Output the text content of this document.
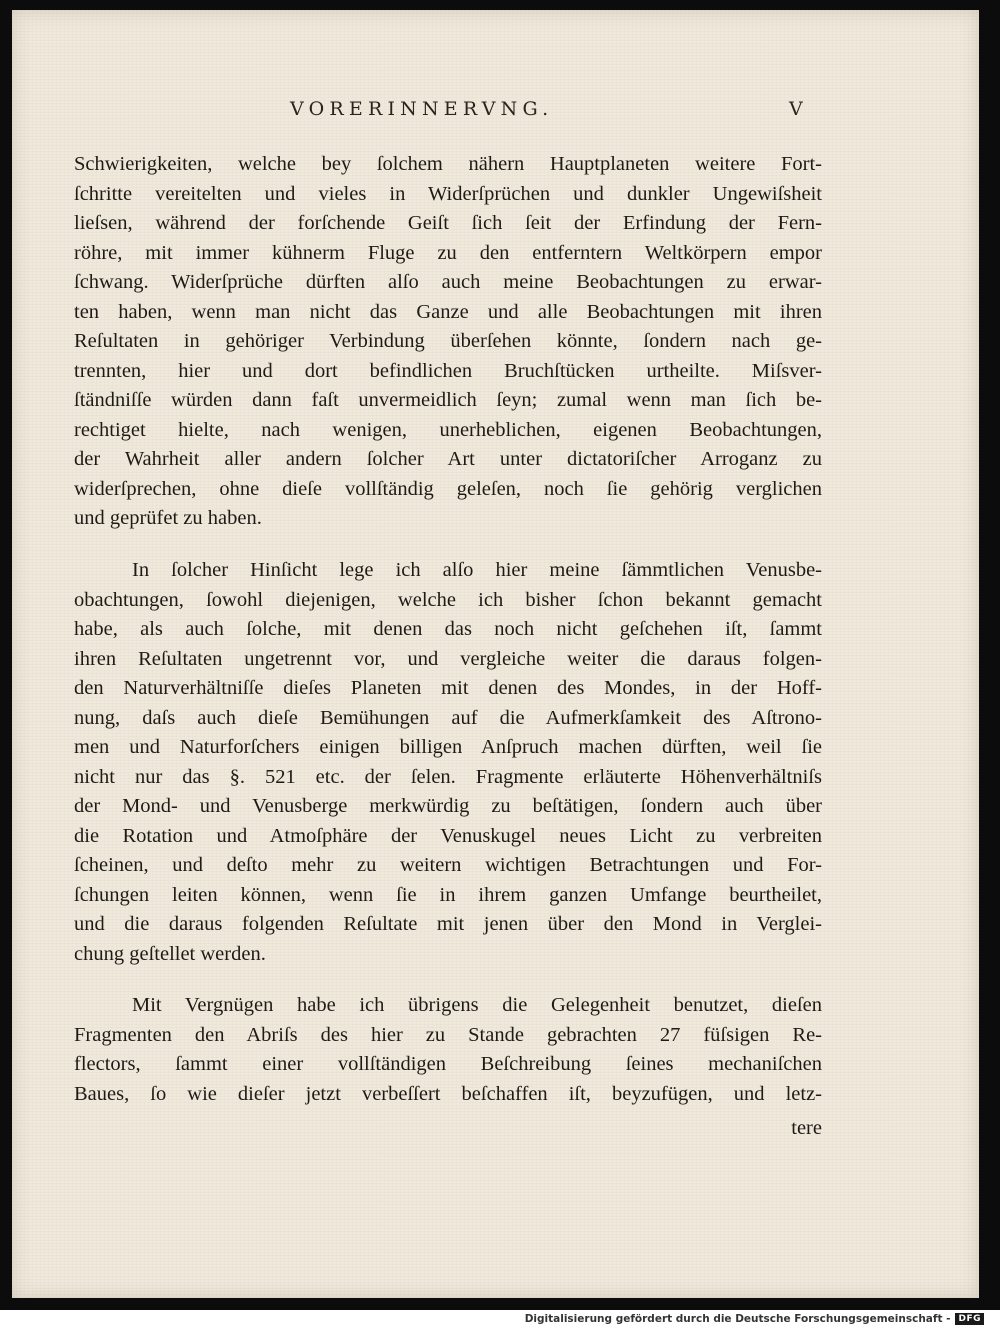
VORERINNERVNG.	V
Schwierigkeiten, welche bey ſolchem nähern Hauptplaneten weitere Fort-
ſchritte vereitelten und vieles in Widerſprüchen und dunkler Ungewiſsheit
lieſsen, während der forſchende Geiſt ſich ſeit der Erfindung der Fern-
röhre, mit immer kühnerm Fluge zu den entferntern Weltkörpern empor
ſchwang. Widerſprüche dürften alſo auch meine Beobachtungen zu erwar-
ten haben, wenn man nicht das Ganze und alle Beobachtungen mit ihren
Reſultaten in gehöriger Verbindung überſehen könnte, ſondern nach ge-
trennten, hier und dort befindlichen Bruchſtücken urtheilte. Miſsver-
ſtändniſſe würden dann faſt unvermeidlich ſeyn; zumal wenn man ſich be-
rechtiget hielte, nach wenigen, unerheblichen, eigenen Beobachtungen,
der Wahrheit aller andern ſolcher Art unter dictatoriſcher Arroganz zu
widerſprechen, ohne dieſe vollſtändig geleſen, noch ſie gehörig verglichen
und geprüfet zu haben.
In ſolcher Hinſicht lege ich alſo hier meine ſämmtlichen Venusbe-
obachtungen, ſowohl diejenigen, welche ich bisher ſchon bekannt gemacht
habe, als auch ſolche, mit denen das noch nicht geſchehen iſt, ſammt
ihren Reſultaten ungetrennt vor, und vergleiche weiter die daraus folgen-
den Naturverhältniſſe dieſes Planeten mit denen des Mondes, in der Hoff-
nung, daſs auch dieſe Bemühungen auf die Aufmerkſamkeit des Aſtrono-
men und Naturforſchers einigen billigen Anſpruch machen dürften, weil ſie
nicht nur das §. 521 etc. der ſelen. Fragmente erläuterte Höhenverhältniſs
der Mond- und Venusberge merkwürdig zu beſtätigen, ſondern auch über
die Rotation und Atmoſphäre der Venuskugel neues Licht zu verbreiten
ſcheinen, und deſto mehr zu weitern wichtigen Betrachtungen und For-
ſchungen leiten können, wenn ſie in ihrem ganzen Umfange beurtheilet,
und die daraus folgenden Reſultate mit jenen über den Mond in Verglei-
chung geſtellet werden.
Mit Vergnügen habe ich übrigens die Gelegenheit benutzet, dieſen
Fragmenten den Abriſs des hier zu Stande gebrachten 27 füſsigen Re-
flectors, ſammt einer vollſtändigen Beſchreibung ſeines mechaniſchen
Baues, ſo wie dieſer jetzt verbeſſert beſchaffen iſt, beyzufügen, und letz-
tere
Digitalisierung gefördert durch die Deutsche Forschungsgemeinschaft - DFG
